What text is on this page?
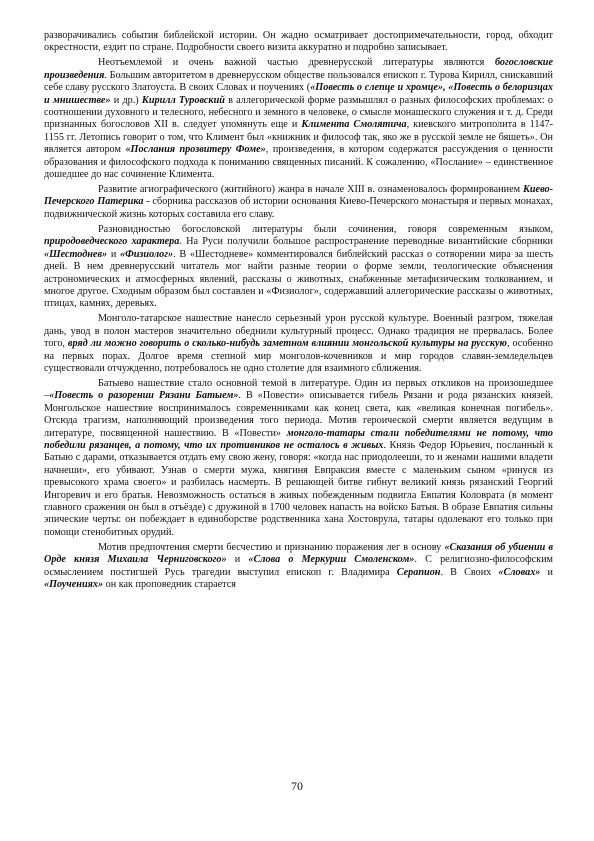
разворачивались события библейской истории. Он жадно осматривает достопримечательности, город, обходит окрестности, ездит по стране. Подробности своего визита аккуратно и подробно записывает.

Неотъемлемой и очень важной частью древнерусской литературы являются богословские произведения. Большим авторитетом в древнерусском обществе пользовался епископ г. Турова Кирилл, снискавший себе славу русского Златоуста. В своих Словах и поучениях («Повесть о слепце и хромце», «Повесть о белоризцах и мнишестве» и др.) Кирилл Туровский в аллегорической форме размышлял о разных философских проблемах: о соотношении духовного и телесного, небесного и земного в человеке, о смысле монашеского служения и т. д. Среди признанных богословов XII в. следует упомянуть еще и Климента Смолятича, киевского митрополита в 1147-1155 гг. Летопись говорит о том, что Климент был «книжник и философ так, яко же в русской земле не бяшеть». Он является автором «Послания прозвитеру Фоме», произведения, в котором содержатся рассуждения о ценности образования и философского подхода к пониманию священных писаний. К сожалению, «Послание» – единственное дошедшее до нас сочинение Климента.

Развитие агиографического (житийного) жанра в начале XIII в. ознаменовалось формированием Киево-Печерского Патерика - сборника рассказов об истории основания Киево-Печерского монастыря и первых монахах, подвижнической жизнь которых составила его славу.

Разновидностью богословской литературы были сочинения, говоря современным языком, природоведческого характера. На Руси получили большое распространение переводные византийские сборники «Шестоднев» и «Физиолог». В «Шестодневе» комментировался библейский рассказ о сотворении мира за шесть дней. В нем древнерусский читатель мог найти разные теории о форме земли, теологические объяснения астрономических и атмосферных явлений, рассказы о животных, снабженные метафизическим толкованием, и многое другое. Сходным образом был составлен и «Физиолог», содержавший аллегорические рассказы о животных, птицах, камнях, деревьях.

Монголо-татарское нашествие нанесло серьезный урон русской культуре. Военный разгром, тяжелая дань, увод в полон мастеров значительно обеднили культурный процесс. Однако традиция не прервалась. Более того, вряд ли можно говорить о сколько-нибудь заметном влиянии монгольской культуры на русскую, особенно на первых порах. Долгое время степной мир монголов-кочевников и мир городов славян-земледельцев существовали отчужденно, потребовалось не одно столетие для взаимного сближения.

Батыево нашествие стало основной темой в литературе. Один из первых откликов на произошедшее –«Повесть о разорении Рязани Батыем». В «Повести» описывается гибель Рязани и рода рязанских князей. Монгольское нашествие воспринималось современниками как конец света, как «великая конечная погибель». Отсюда трагизм, наполняющий произведения того периода. Мотив героической смерти является ведущим в литературе, посвященной нашествию. В «Повести» монголо-татары стали победителями не потому, что победили рязанцев, а потому, что их противников не осталось в живых. Князь Федор Юрьевич, посланный к Батыю с дарами, отказывается отдать ему свою жену, говоря: «когда нас приодолееши, то и женами нашими владети начнеши», его убивают. Узнав о смерти мужа, княгиня Евпраксия вместе с маленьким сыном «ринуся из превысокого храма своего» и разбилась насмерть. В решающей битве гибнут великий князь рязанский Георгий Ингоревич и его братья. Невозможность остаться в живых побежденным подвигла Евпатия Коловрата (в момент главного сражения он был в отъёзде) с дружиной в 1700 человек напасть на войско Батыя. В образе Евпатия сильны эпические черты: он побеждает в единоборстве родственника хана Хостоврула, татары одолевают его только при помощи стенобитных орудий.

Мотив предпочтения смерти бесчестию и признанию поражения лег в основу «Сказания об убиении в Орде князя Михаила Черниговского» и «Слова о Меркурии Смоленском». С религиозно-философским осмыслением постигшей Русь трагедии выступил епископ г. Владимира Серапион. В Своих «Словах» и «Поучениях» он как проповедник старается

70
